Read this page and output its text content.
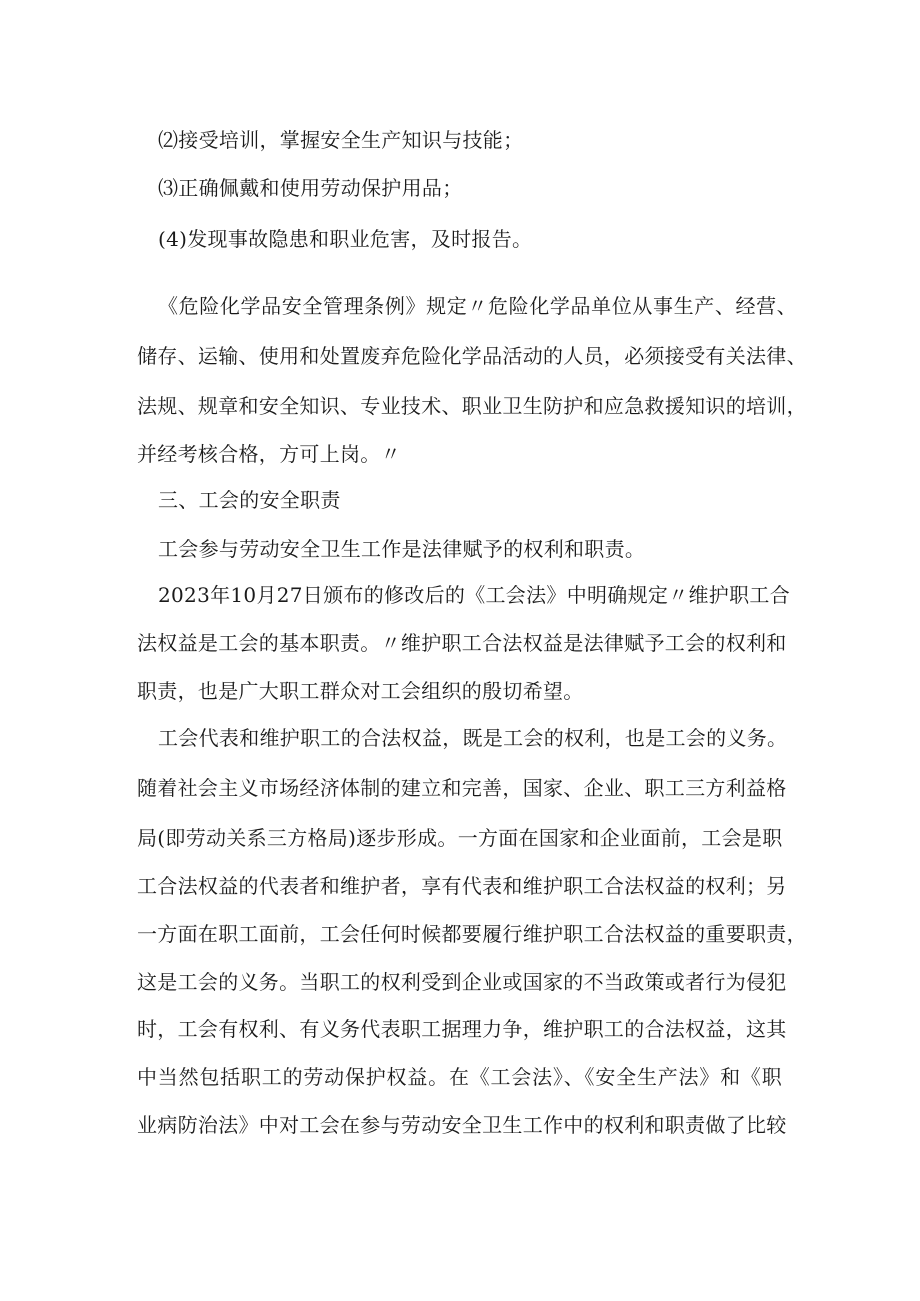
⑵接受培训，掌握安全生产知识与技能；
⑶正确佩戴和使用劳动保护用品；
(4)发现事故隐患和职业危害，及时报告。
《危险化学品安全管理条例》规定〃危险化学品单位从事生产、经营、
储存、运输、使用和处置废弃危险化学品活动的人员，必须接受有关法律、
法规、规章和安全知识、专业技术、职业卫生防护和应急救援知识的培训，
并经考核合格，方可上岗。〃
三、工会的安全职责
工会参与劳动安全卫生工作是法律赋予的权利和职责。
2023年10月27日颁布的修改后的《工会法》中明确规定〃维护职工合
法权益是工会的基本职责。〃维护职工合法权益是法律赋予工会的权利和
职责，也是广大职工群众对工会组织的殷切希望。
工会代表和维护职工的合法权益，既是工会的权利，也是工会的义务。
随着社会主义市场经济体制的建立和完善，国家、企业、职工三方利益格
局(即劳动关系三方格局)逐步形成。一方面在国家和企业面前，工会是职
工合法权益的代表者和维护者，享有代表和维护职工合法权益的权利；另
一方面在职工面前，工会任何时候都要履行维护职工合法权益的重要职责，
这是工会的义务。当职工的权利受到企业或国家的不当政策或者行为侵犯
时，工会有权利、有义务代表职工据理力争，维护职工的合法权益，这其
中当然包括职工的劳动保护权益。在《工会法》、《安全生产法》和《职
业病防治法》中对工会在参与劳动安全卫生工作中的权利和职责做了比较
